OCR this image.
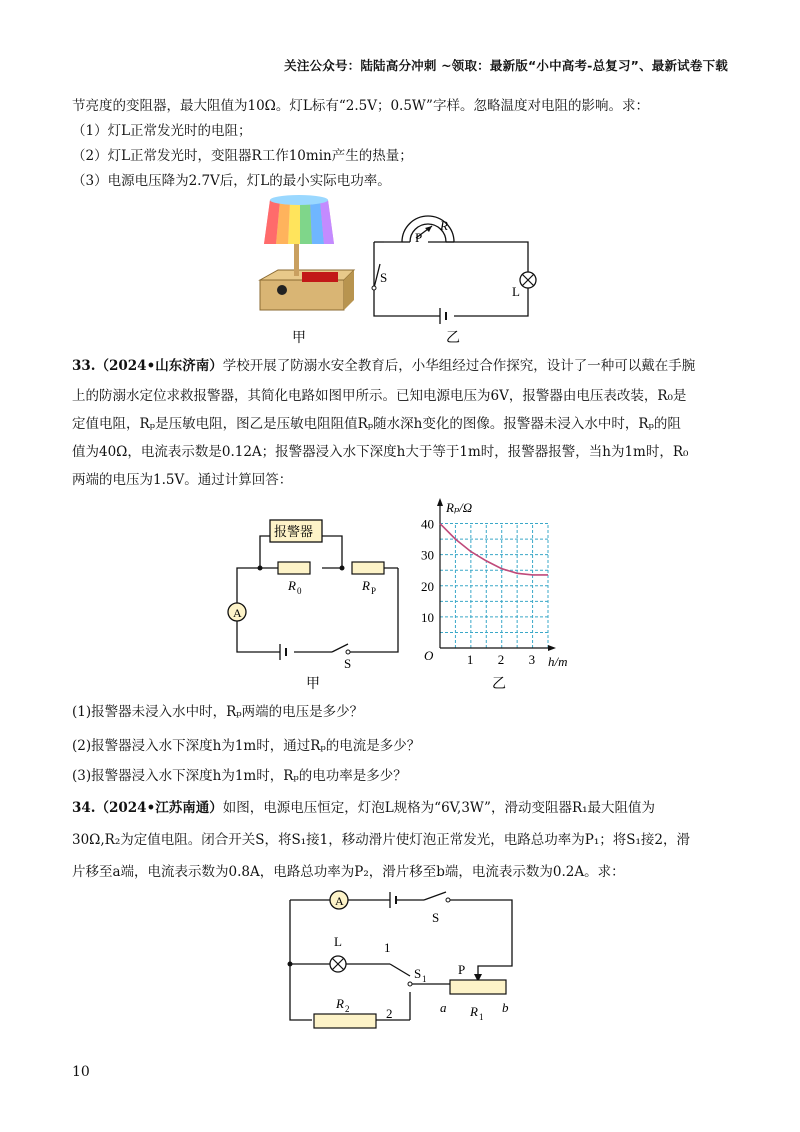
关注公众号：陆陆高分冲刺 ~领取：最新版“小中高考-总复习”、最新试卷下载
节亮度的变阻器，最大阻值为10Ω。灯L标有“2.5V；0.5W”字样。忽略温度对电阻的影响。求：
（1）灯L正常发光时的电阻；
（2）灯L正常发光时，变阻器R工作10min产生的热量；
（3）电源电压降为2.7V后，灯L的最小实际电功率。
甲
P
R
S
L
乙
33.（2024•山东济南）学校开展了防溺水安全教育后，小华组经过合作探究，设计了一种可以戴在手腕
上的防溺水定位求救报警器，其简化电路如图甲所示。已知电源电压为6V，报警器由电压表改装，R₀是
定值电阻，Rₚ是压敏电阻，图乙是压敏电阻阻值Rₚ随水深h变化的图像。报警器未浸入水中时，Rₚ的阻
值为40Ω，电流表示数是0.12A；报警器浸入水下深度h大于等于1m时，报警器报警，当h为1m时，R₀
两端的电压为1.5V。通过计算回答：
报警器
R 0	R P
A
S
甲
1 2 3
10
20
30
40
Rₚ/Ω
h/m
O
乙
(1)报警器未浸入水中时，Rₚ两端的电压是多少？
(2)报警器浸入水下深度h为1m时，通过Rₚ的电流是多少？
(3)报警器浸入水下深度h为1m时，Rₚ的电功率是多少？
34.（2024•江苏南通）如图，电源电压恒定，灯泡L规格为“6V,3W”，滑动变阻器R₁最大阻值为
30Ω,R₂为定值电阻。闭合开关S，将S₁接1，移动滑片使灯泡正常发光，电路总功率为P₁；将S₁接2，滑
片移至a端，电流表示数为0.8A，电路总功率为P₂，滑片移至b端，电流表示数为0.2A。求：
A
S
L	1
2
S 1
P
a	b
R 1
R 2
10
